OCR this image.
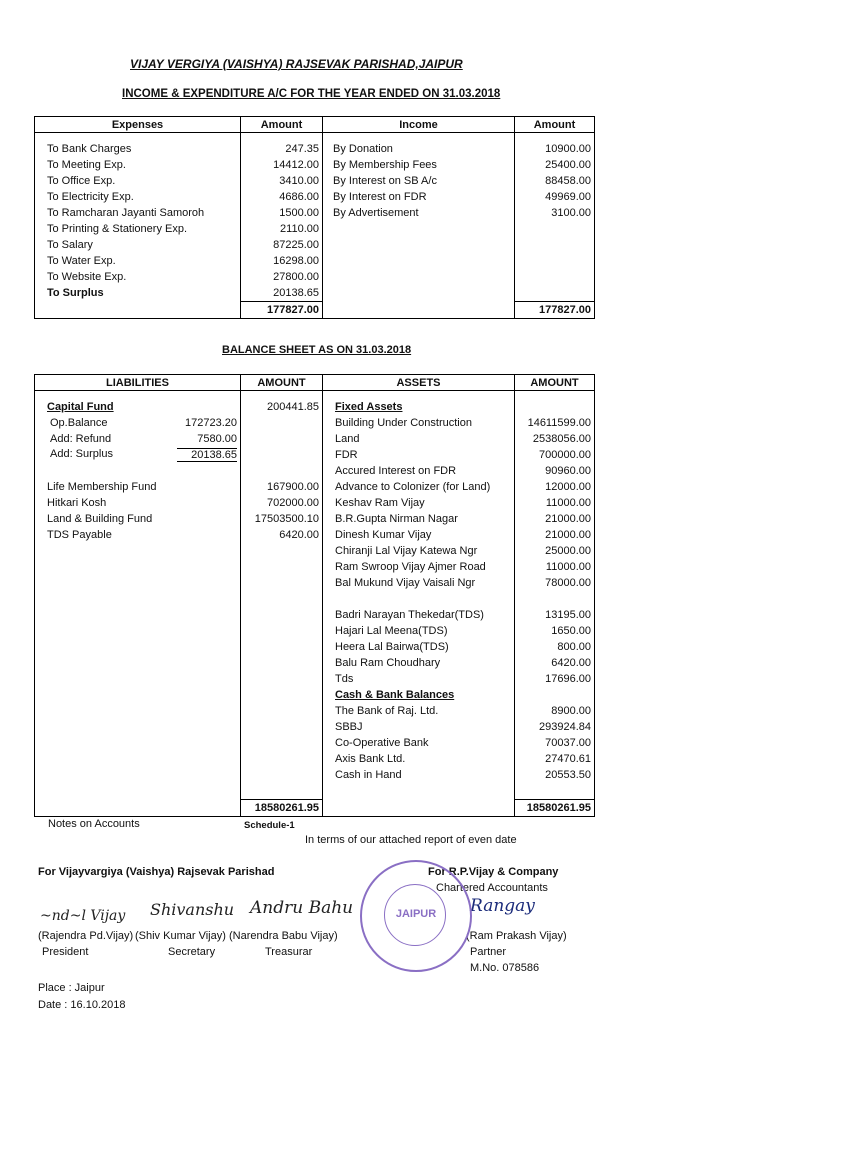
VIJAY VERGIYA (VAISHYA) RAJSEVAK PARISHAD,JAIPUR
INCOME & EXPENDITURE A/C FOR THE YEAR ENDED ON 31.03.2018
Expenses	Amount	Income	Amount

To Bank Charges	247.35	By Donation	10900.00
To Meeting Exp.	14412.00	By Membership Fees	25400.00
To Office Exp.	3410.00	By Interest on SB A/c	88458.00
To Electricity Exp.	4686.00	By Interest on FDR	49969.00
To Ramcharan Jayanti Samoroh	1500.00	By Advertisement	3100.00
To Printing & Stationery Exp.	2110.00		
To Salary	87225.00		
To Water Exp.	16298.00		
To Website Exp.	27800.00		
To Surplus	20138.65		
	177827.00		177827.00
BALANCE SHEET AS ON 31.03.2018
LIABILITIES	AMOUNT	ASSETS	AMOUNT

Capital Fund	200441.85	Fixed Assets	

Op.Balance 172723.20		Building Under Construction	14611599.00

Add: Refund 7580.00		Land	2538056.00

Add: Surplus 20138.65		FDR	700000.00
		Accured Interest on FDR	90960.00
Life Membership Fund	167900.00	Advance to Colonizer (for Land)	12000.00
Hitkari Kosh	702000.00	Keshav Ram Vijay	11000.00
Land & Building Fund	17503500.10	B.R.Gupta Nirman Nagar	21000.00
TDS Payable	6420.00	Dinesh Kumar Vijay	21000.00
		Chiranji Lal Vijay Katewa Ngr	25000.00
		Ram Swroop Vijay Ajmer Road	11000.00
		Bal Mukund Vijay Vaisali Ngr	78000.00

		Badri Narayan Thekedar(TDS)	13195.00
		Hajari Lal Meena(TDS)	1650.00
		Heera Lal Bairwa(TDS)	800.00
		Balu Ram Choudhary	6420.00
		Tds	17696.00
		Cash & Bank Balances	
		The Bank of Raj. Ltd.	8900.00
		SBBJ	293924.84
		Co-Operative Bank	70037.00
		Axis Bank Ltd.	27470.61
		Cash in Hand	20553.50

	18580261.95		18580261.95
Notes on Accounts	Schedule-1
In terms of our attached report of even date
For Vijayvargiya (Vaishya) Rajsevak Parishad	For R.P.Vijay & Company
Chartered Accountants
~nd~l Vijay Shivanshu Andru Bahu	Rangay
(Rajendra Pd.Vijay) (Shiv Kumar Vijay) (Narendra Babu Vijay)
President	Secretary	Treasurar
(Ram Prakash Vijay)
Partner
M.No. 078586
JAIPUR
Place : Jaipur
Date : 16.10.2018
